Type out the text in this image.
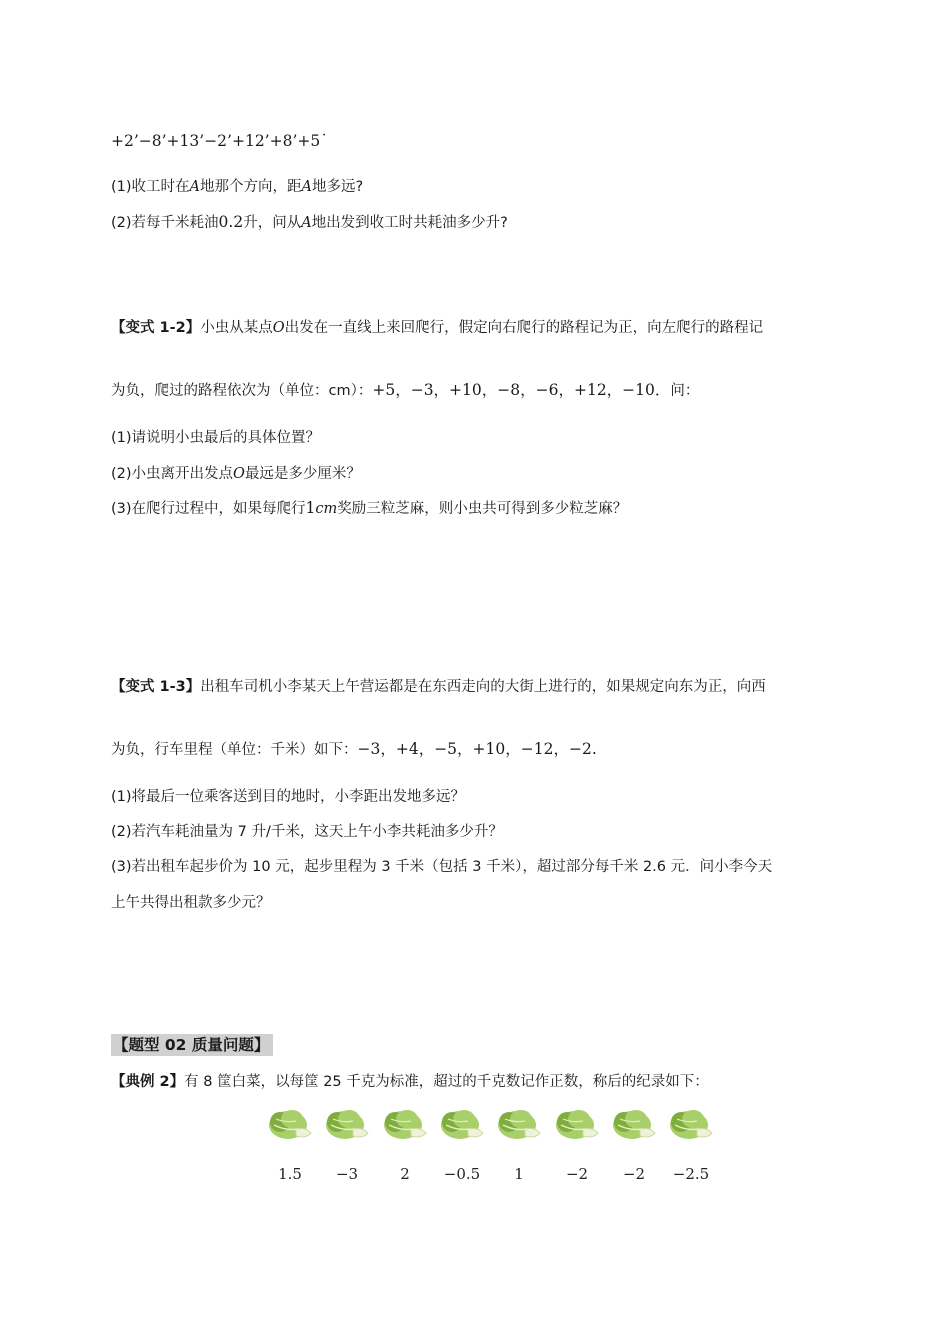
+2’−8’+13’−2’+12’+8’+5˙
(1)收工时在A地那个方向，距A地多远?
(2)若每千米耗油0.2升，问从A地出发到收工时共耗油多少升?
【变式 1-2】小虫从某点O出发在一直线上来回爬行，假定向右爬行的路程记为正，向左爬行的路程记
为负，爬过的路程依次为（单位：cm）：+5，−3，+10，−8，−6，+12，−10．问：
(1)请说明小虫最后的具体位置？
(2)小虫离开出发点O最远是多少厘米？
(3)在爬行过程中，如果每爬行1cm奖励三粒芝麻，则小虫共可得到多少粒芝麻？
【变式 1-3】出租车司机小李某天上午营运都是在东西走向的大街上进行的，如果规定向东为正，向西
为负，行车里程（单位：千米）如下：−3，+4，−5，+10，−12，−2.
(1)将最后一位乘客送到目的地时，小李距出发地多远？
(2)若汽车耗油量为 7 升/千米，这天上午小李共耗油多少升？
(3)若出租车起步价为 10 元，起步里程为 3 千米（包括 3 千米），超过部分每千米 2.6 元．问小李今天
上午共得出租款多少元？
【题型 02 质量问题】
【典例 2】有 8 筐白菜，以每筐 25 千克为标准，超过的千克数记作正数，称后的纪录如下：
1.5	−3	2	−0.5	1	−2	−2	−2.5
